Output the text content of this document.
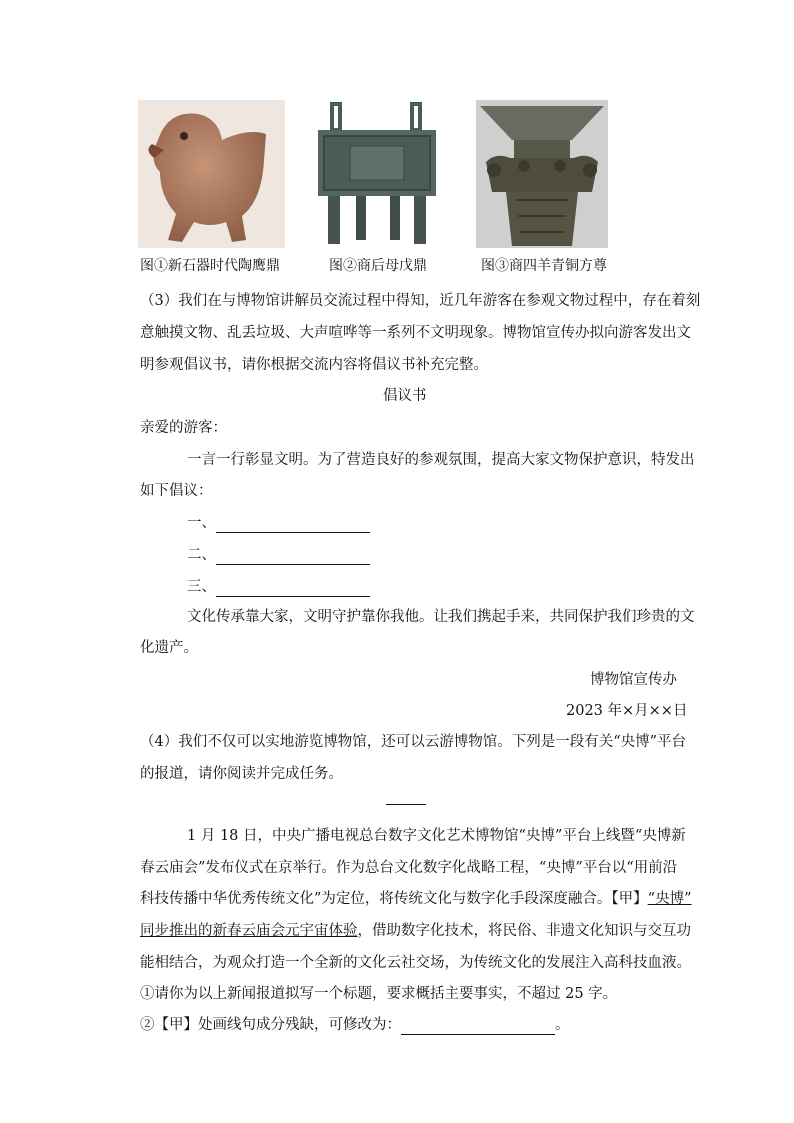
图①新石器时代陶鹰鼎	图②商后母戊鼎	图③商四羊青铜方尊
（3）我们在与博物馆讲解员交流过程中得知，近几年游客在参观文物过程中，存在着刻
意触摸文物、乱丢垃圾、大声喧哗等一系列不文明现象。博物馆宣传办拟向游客发出文
明参观倡议书，请你根据交流内容将倡议书补充完整。
倡议书
亲爱的游客：
一言一行彰显文明。为了营造良好的参观氛围，提高大家文物保护意识，特发出
如下倡议：
一、
二、
三、
文化传承靠大家，文明守护靠你我他。让我们携起手来，共同保护我们珍贵的文
化遗产。
博物馆宣传办
2023 年×月××日
（4）我们不仅可以实地游览博物馆，还可以云游博物馆。下列是一段有关“央博”平台
的报道，请你阅读并完成任务。
1 月 18 日，中央广播电视总台数字文化艺术博物馆“央博”平台上线暨“央博新
春云庙会”发布仪式在京举行。作为总台文化数字化战略工程，“央博”平台以“用前沿
科技传播中华优秀传统文化”为定位，将传统文化与数字化手段深度融合。【甲】“央博”
同步推出的新春云庙会元宇宙体验，借助数字化技术，将民俗、非遗文化知识与交互功
能相结合，为观众打造一个全新的文化云社交场，为传统文化的发展注入高科技血液。
①请你为以上新闻报道拟写一个标题，要求概括主要事实，不超过 25 字。
②【甲】处画线句成分残缺，可修改为：	。
